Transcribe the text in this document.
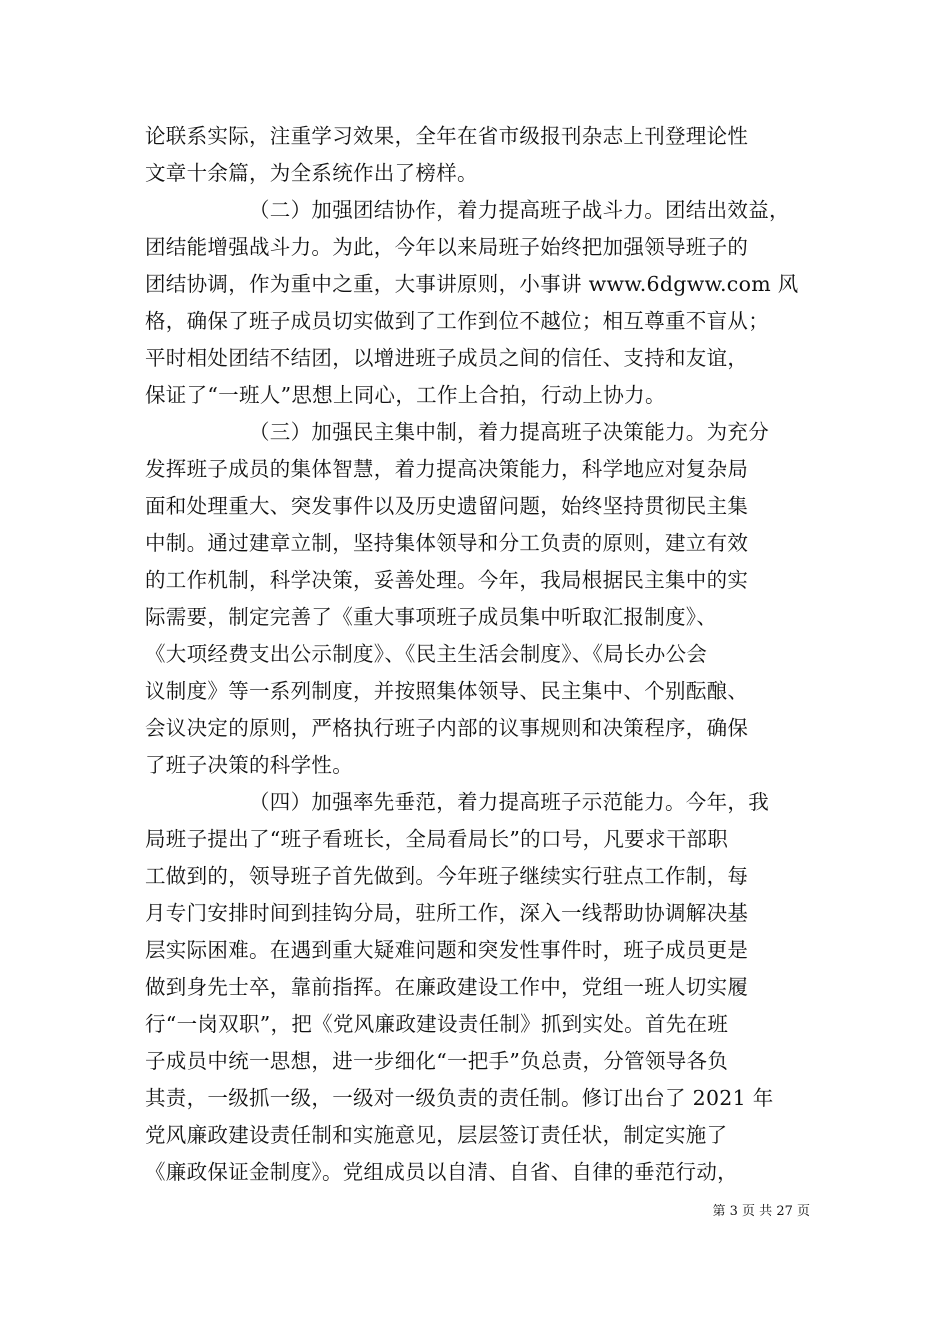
论联系实际，注重学习效果，全年在省市级报刊杂志上刊登理论性
文章十余篇，为全系统作出了榜样。
（二）加强团结协作，着力提高班子战斗力。团结出效益，
团结能增强战斗力。为此，今年以来局班子始终把加强领导班子的
团结协调，作为重中之重，大事讲原则，小事讲 www.6dgww.com 风
格，确保了班子成员切实做到了工作到位不越位；相互尊重不盲从；
平时相处团结不结团，以增进班子成员之间的信任、支持和友谊，
保证了“一班人”思想上同心，工作上合拍，行动上协力。
（三）加强民主集中制，着力提高班子决策能力。为充分
发挥班子成员的集体智慧，着力提高决策能力，科学地应对复杂局
面和处理重大、突发事件以及历史遗留问题，始终坚持贯彻民主集
中制。通过建章立制，坚持集体领导和分工负责的原则，建立有效
的工作机制，科学决策，妥善处理。今年，我局根据民主集中的实
际需要，制定完善了《重大事项班子成员集中听取汇报制度》、
《大项经费支出公示制度》、《民主生活会制度》、《局长办公会
议制度》等一系列制度，并按照集体领导、民主集中、个别酝酿、
会议决定的原则，严格执行班子内部的议事规则和决策程序，确保
了班子决策的科学性。
（四）加强率先垂范，着力提高班子示范能力。今年，我
局班子提出了“班子看班长，全局看局长”的口号，凡要求干部职
工做到的，领导班子首先做到。今年班子继续实行驻点工作制，每
月专门安排时间到挂钩分局，驻所工作，深入一线帮助协调解决基
层实际困难。在遇到重大疑难问题和突发性事件时，班子成员更是
做到身先士卒，靠前指挥。在廉政建设工作中，党组一班人切实履
行“一岗双职”，把《党风廉政建设责任制》抓到实处。首先在班
子成员中统一思想，进一步细化“一把手”负总责，分管领导各负
其责，一级抓一级，一级对一级负责的责任制。修订出台了 2021 年
党风廉政建设责任制和实施意见，层层签订责任状，制定实施了
《廉政保证金制度》。党组成员以自清、自省、自律的垂范行动，
第 3 页 共 27 页
